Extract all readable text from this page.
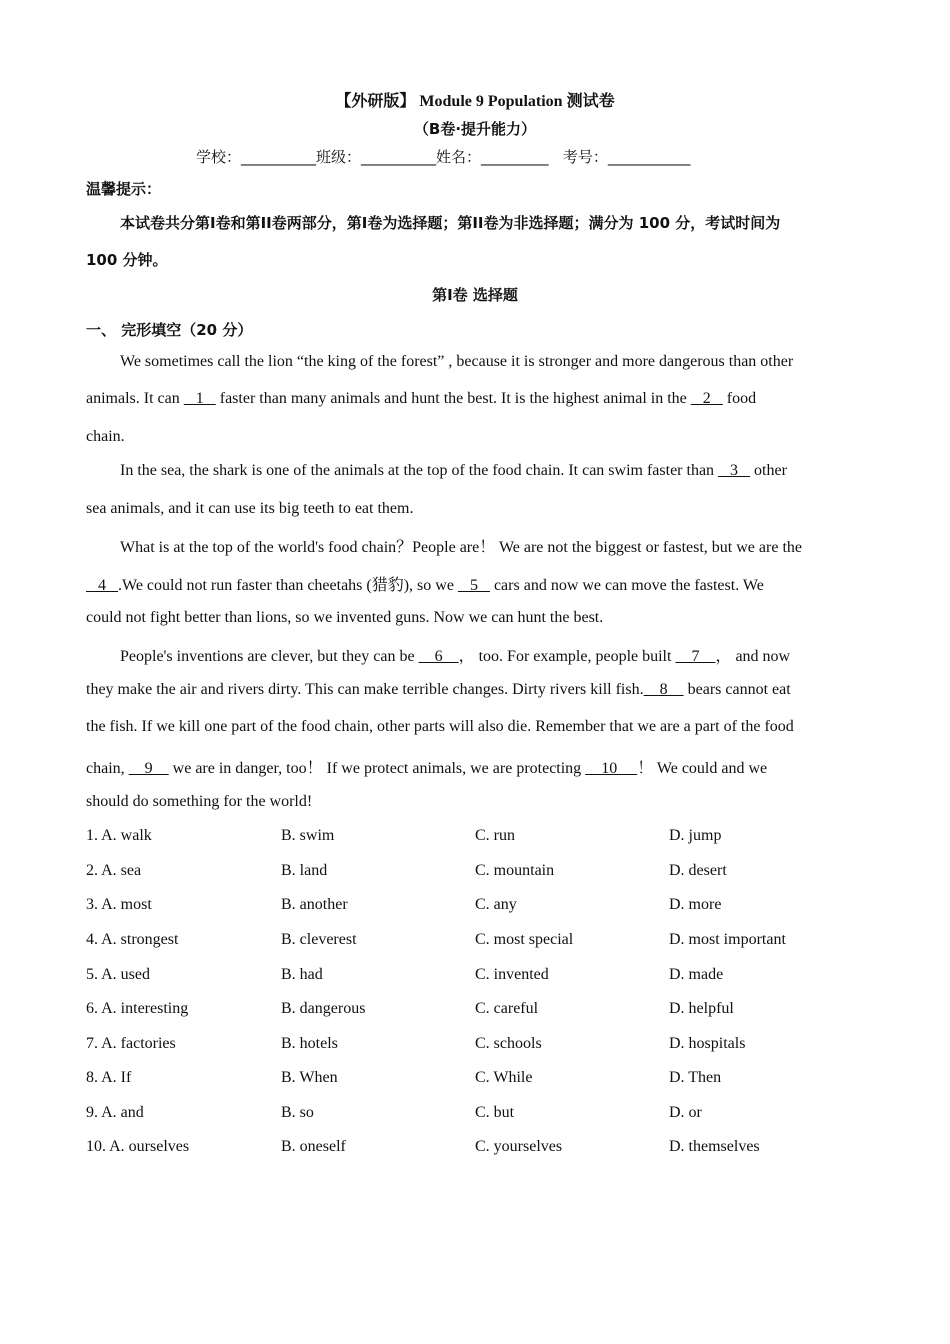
【外研版】 Module 9 Population 测试卷
（B卷·提升能力）
学校：__________班级：__________姓名：_________ 考号：___________
温馨提示：
本试卷共分第I卷和第II卷两部分，第I卷为选择题；第II卷为非选择题；满分为 100 分，考试时间为
100 分钟。
第I卷 选择题
一、 完形填空（20 分）
We sometimes call the lion “the king of the forest” , because it is stronger and more dangerous than other
animals. It can    1    faster than many animals and hunt the best. It is the highest animal in the    2    food
chain.
In the sea, the shark is one of the animals at the top of the food chain. It can swim faster than    3    other
sea animals, and it can use its big teeth to eat them.
What is at the top of the world's food chain？People are！ We are not the biggest or fastest, but we are the
4   .We could not run faster than cheetahs (猎豹), so we    5    cars and now we can move the fastest. We
could not fight better than lions, so we invented guns. Now we can hunt the best.
People's inventions are clever, but they can be     6    ， too. For example, people built     7    ， and now
they make the air and rivers dirty. This can make terrible changes. Dirty rivers kill fish.    8     bears cannot eat
the fish. If we kill one part of the food chain, other parts will also die. Remember that we are a part of the food
chain,     9     we are in danger, too！ If we protect animals, we are protecting     10     ！ We could and we
should do something for the world!
1. A. walk	B. swim	C. run	D. jump
2. A. sea	B. land	C. mountain	D. desert
3. A. most	B. another	C. any	D. more
4. A. strongest	B. cleverest	C. most special	D. most important
5. A. used	B. had	C. invented	D. made
6. A. interesting	B. dangerous	C. careful	D. helpful
7. A. factories	B. hotels	C. schools	D. hospitals
8. A. If	B. When	C. While	D. Then
9. A. and	B. so	C. but	D. or
10. A. ourselves	B. oneself	C. yourselves	D. themselves
